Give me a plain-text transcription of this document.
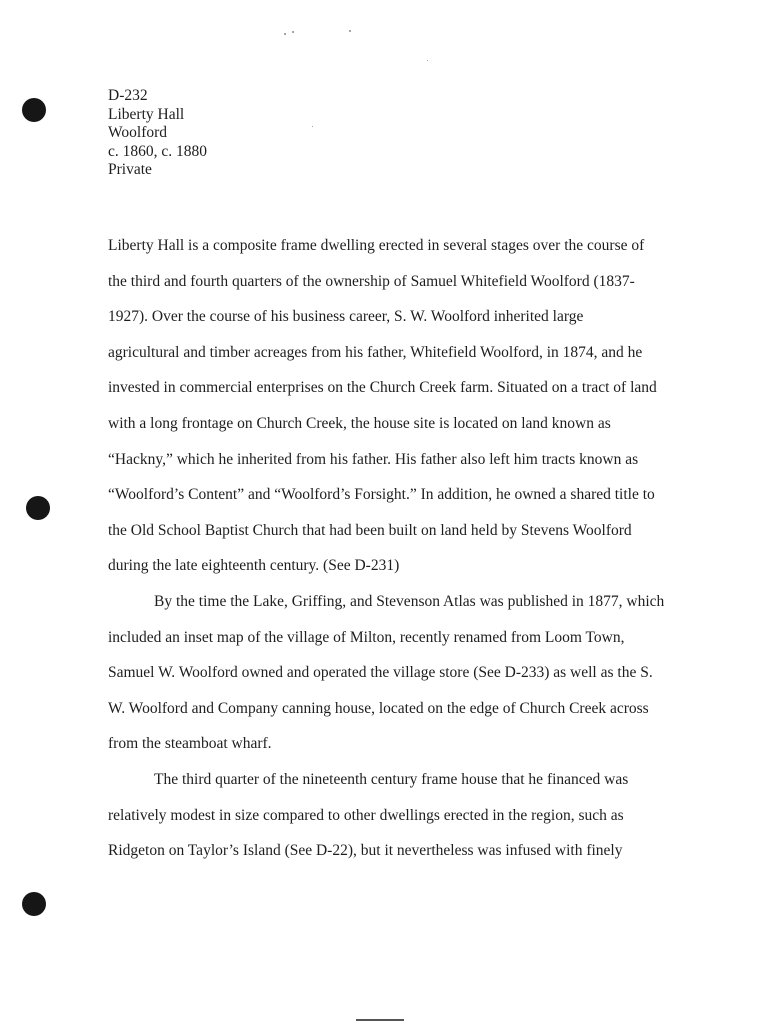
D-232
Liberty Hall
Woolford
c. 1860, c. 1880
Private
Liberty Hall is a composite frame dwelling erected in several stages over the course of
the third and fourth quarters of the ownership of Samuel Whitefield Woolford (1837-
1927). Over the course of his business career, S. W. Woolford inherited large
agricultural and timber acreages from his father, Whitefield Woolford, in 1874, and he
invested in commercial enterprises on the Church Creek farm. Situated on a tract of land
with a long frontage on Church Creek, the house site is located on land known as
“Hackny,” which he inherited from his father. His father also left him tracts known as
“Woolford’s Content” and “Woolford’s Forsight.” In addition, he owned a shared title to
the Old School Baptist Church that had been built on land held by Stevens Woolford
during the late eighteenth century. (See D-231)
By the time the Lake, Griffing, and Stevenson Atlas was published in 1877, which
included an inset map of the village of Milton, recently renamed from Loom Town,
Samuel W. Woolford owned and operated the village store (See D-233) as well as the S.
W. Woolford and Company canning house, located on the edge of Church Creek across
from the steamboat wharf.
The third quarter of the nineteenth century frame house that he financed was
relatively modest in size compared to other dwellings erected in the region, such as
Ridgeton on Taylor’s Island (See D-22), but it nevertheless was infused with finely
